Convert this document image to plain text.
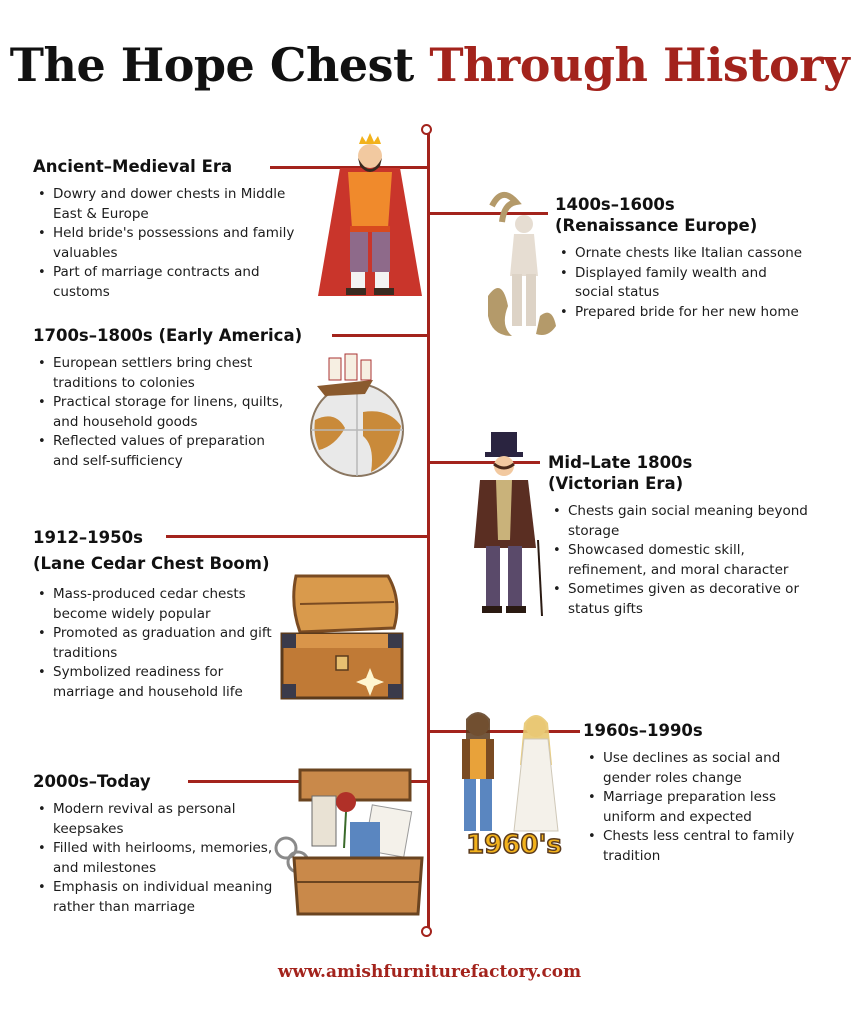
The Hope Chest Through History
Ancient–Medieval Era
• Dowry and dower chests in Middle East & Europe
• Held bride's possessions and family valuables
• Part of marriage contracts and customs
1400s–1600s
(Renaissance Europe)
• Ornate chests like Italian cassone
• Displayed family wealth and social status
• Prepared bride for her new home
1700s–1800s (Early America)
• European settlers bring chest traditions to colonies
• Practical storage for linens, quilts, and household goods
• Reflected values of preparation and self-sufficiency	Mid–Late 1800s
(Victorian Era)
• Chests gain social meaning beyond storage
• Showcased domestic skill, refinement, and moral character
• Sometimes given as decorative or status gifts
1912–1950s
(Lane Cedar Chest Boom)
• Mass-produced cedar chests become widely popular
• Promoted as graduation and gift traditions
• Symbolized readiness for marriage and household life
1960s–1990s
• Use declines as social and gender roles change
• Marriage preparation less uniform and expected
• Chests less central to family tradition
2000s–Today
• Modern revival as personal keepsakes
• Filled with heirlooms, memories, and milestones
• Emphasis on individual meaning rather than marriage
1960's
www.amishfurniturefactory.com
